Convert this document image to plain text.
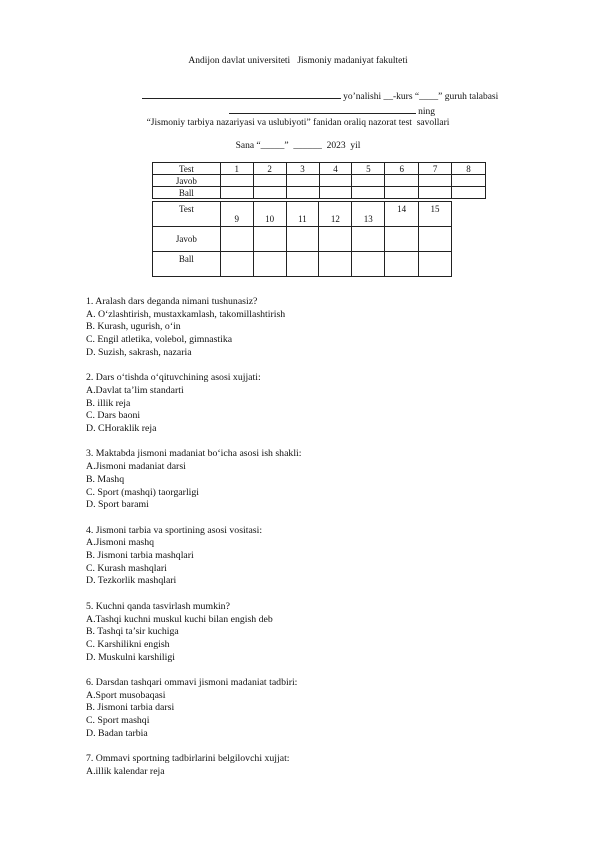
Andijon davlat universiteti   Jismoniy madaniyat fakulteti

yo’nalishi __-kurs “____” guruh talabasi

ning

“Jismoniy tarbiya nazariyasi va uslubiyoti” fanidan oraliq nazorat test  savollari
Sana “_____”  ______  2023  yil
Test	1	2	3	4	5	6	7	8
Javob								
Ball								
Test	9	10	11	12	13	14	15
Javob							
Ball							
1. Aralash dars deganda nimani tushunasiz?
A. O‘zlashtirish, mustaxkamlash, takomillashtirish
B. Kurash, ugurish, o‘in
C. Engil atletika, volebol, gimnastika
D. Suzish, sakrash, nazaria
2. Dars o‘tishda o‘qituvchining asosi xujjati:
A.Davlat ta’lim standarti
B. illik reja
C. Dars baoni
D. CHoraklik reja
3. Maktabda jismoni madaniat bo‘icha asosi ish shakli:
A.Jismoni madaniat darsi
B. Mashq
C. Sport (mashqi) taorgarligi
D. Sport barami
4. Jismoni tarbia va sportining asosi vositasi:
A.Jismoni mashq
B. Jismoni tarbia mashqlari
C. Kurash mashqlari
D. Tezkorlik mashqlari
5. Kuchni qanda tasvirlash mumkin?
A.Tashqi kuchni muskul kuchi bilan engish deb
B. Tashqi ta’sir kuchiga
C. Karshilikni engish
D. Muskulni karshiligi
6. Darsdan tashqari ommavi jismoni madaniat tadbiri:
A.Sport musobaqasi
B. Jismoni tarbia darsi
C. Sport mashqi
D. Badan tarbia
7. Ommavi sportning tadbirlarini belgilovchi xujjat:
A.illik kalendar reja
